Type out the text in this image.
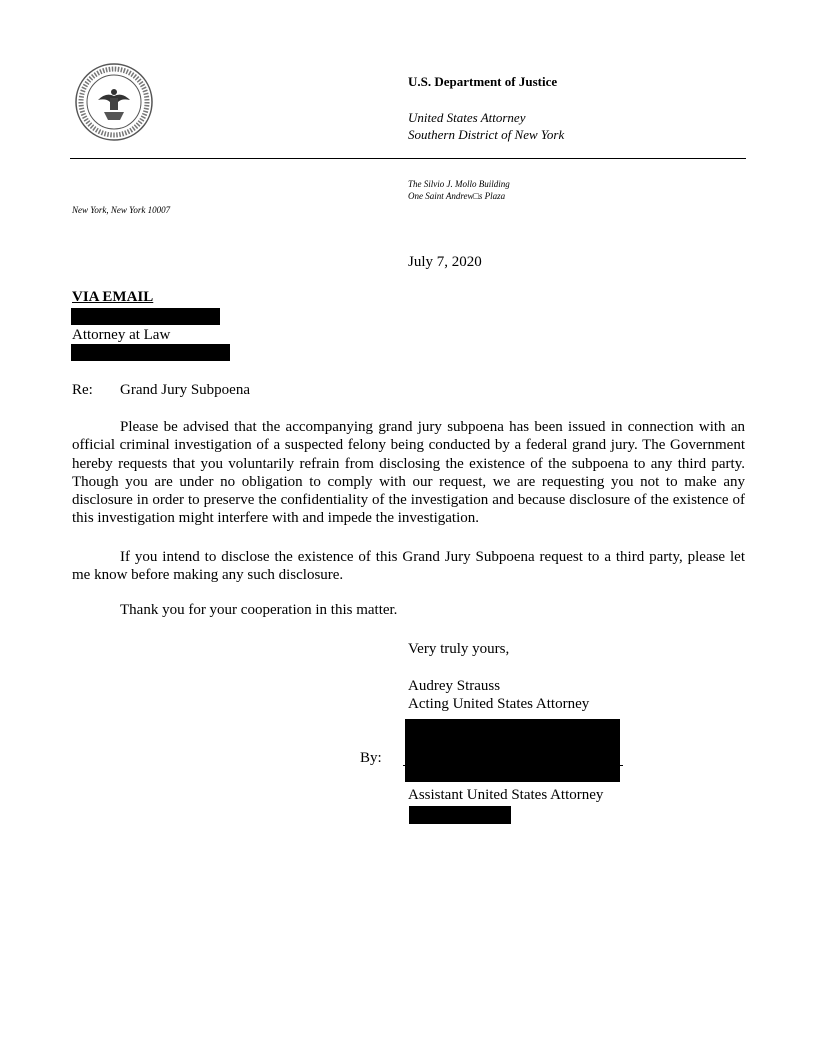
U.S. Department of Justice
United States Attorney
Southern District of New York
The Silvio J. Mollo Building
One Saint Andrew□s Plaza
New York, New York 10007
July 7, 2020
VIA EMAIL
Attorney at Law
Re: Grand Jury Subpoena
Please be advised that the accompanying grand jury subpoena has been issued in connection with an official criminal investigation of a suspected felony being conducted by a federal grand jury. The Government hereby requests that you voluntarily refrain from disclosing the existence of the subpoena to any third party. Though you are under no obligation to comply with our request, we are requesting you not to make any disclosure in order to preserve the confidentiality of the investigation and because disclosure of the existence of this investigation might interfere with and impede the investigation.
If you intend to disclose the existence of this Grand Jury Subpoena request to a third party, please let me know before making any such disclosure.
Thank you for your cooperation in this matter.
Very truly yours,
Audrey Strauss
Acting United States Attorney
By:
Assistant United States Attorney
